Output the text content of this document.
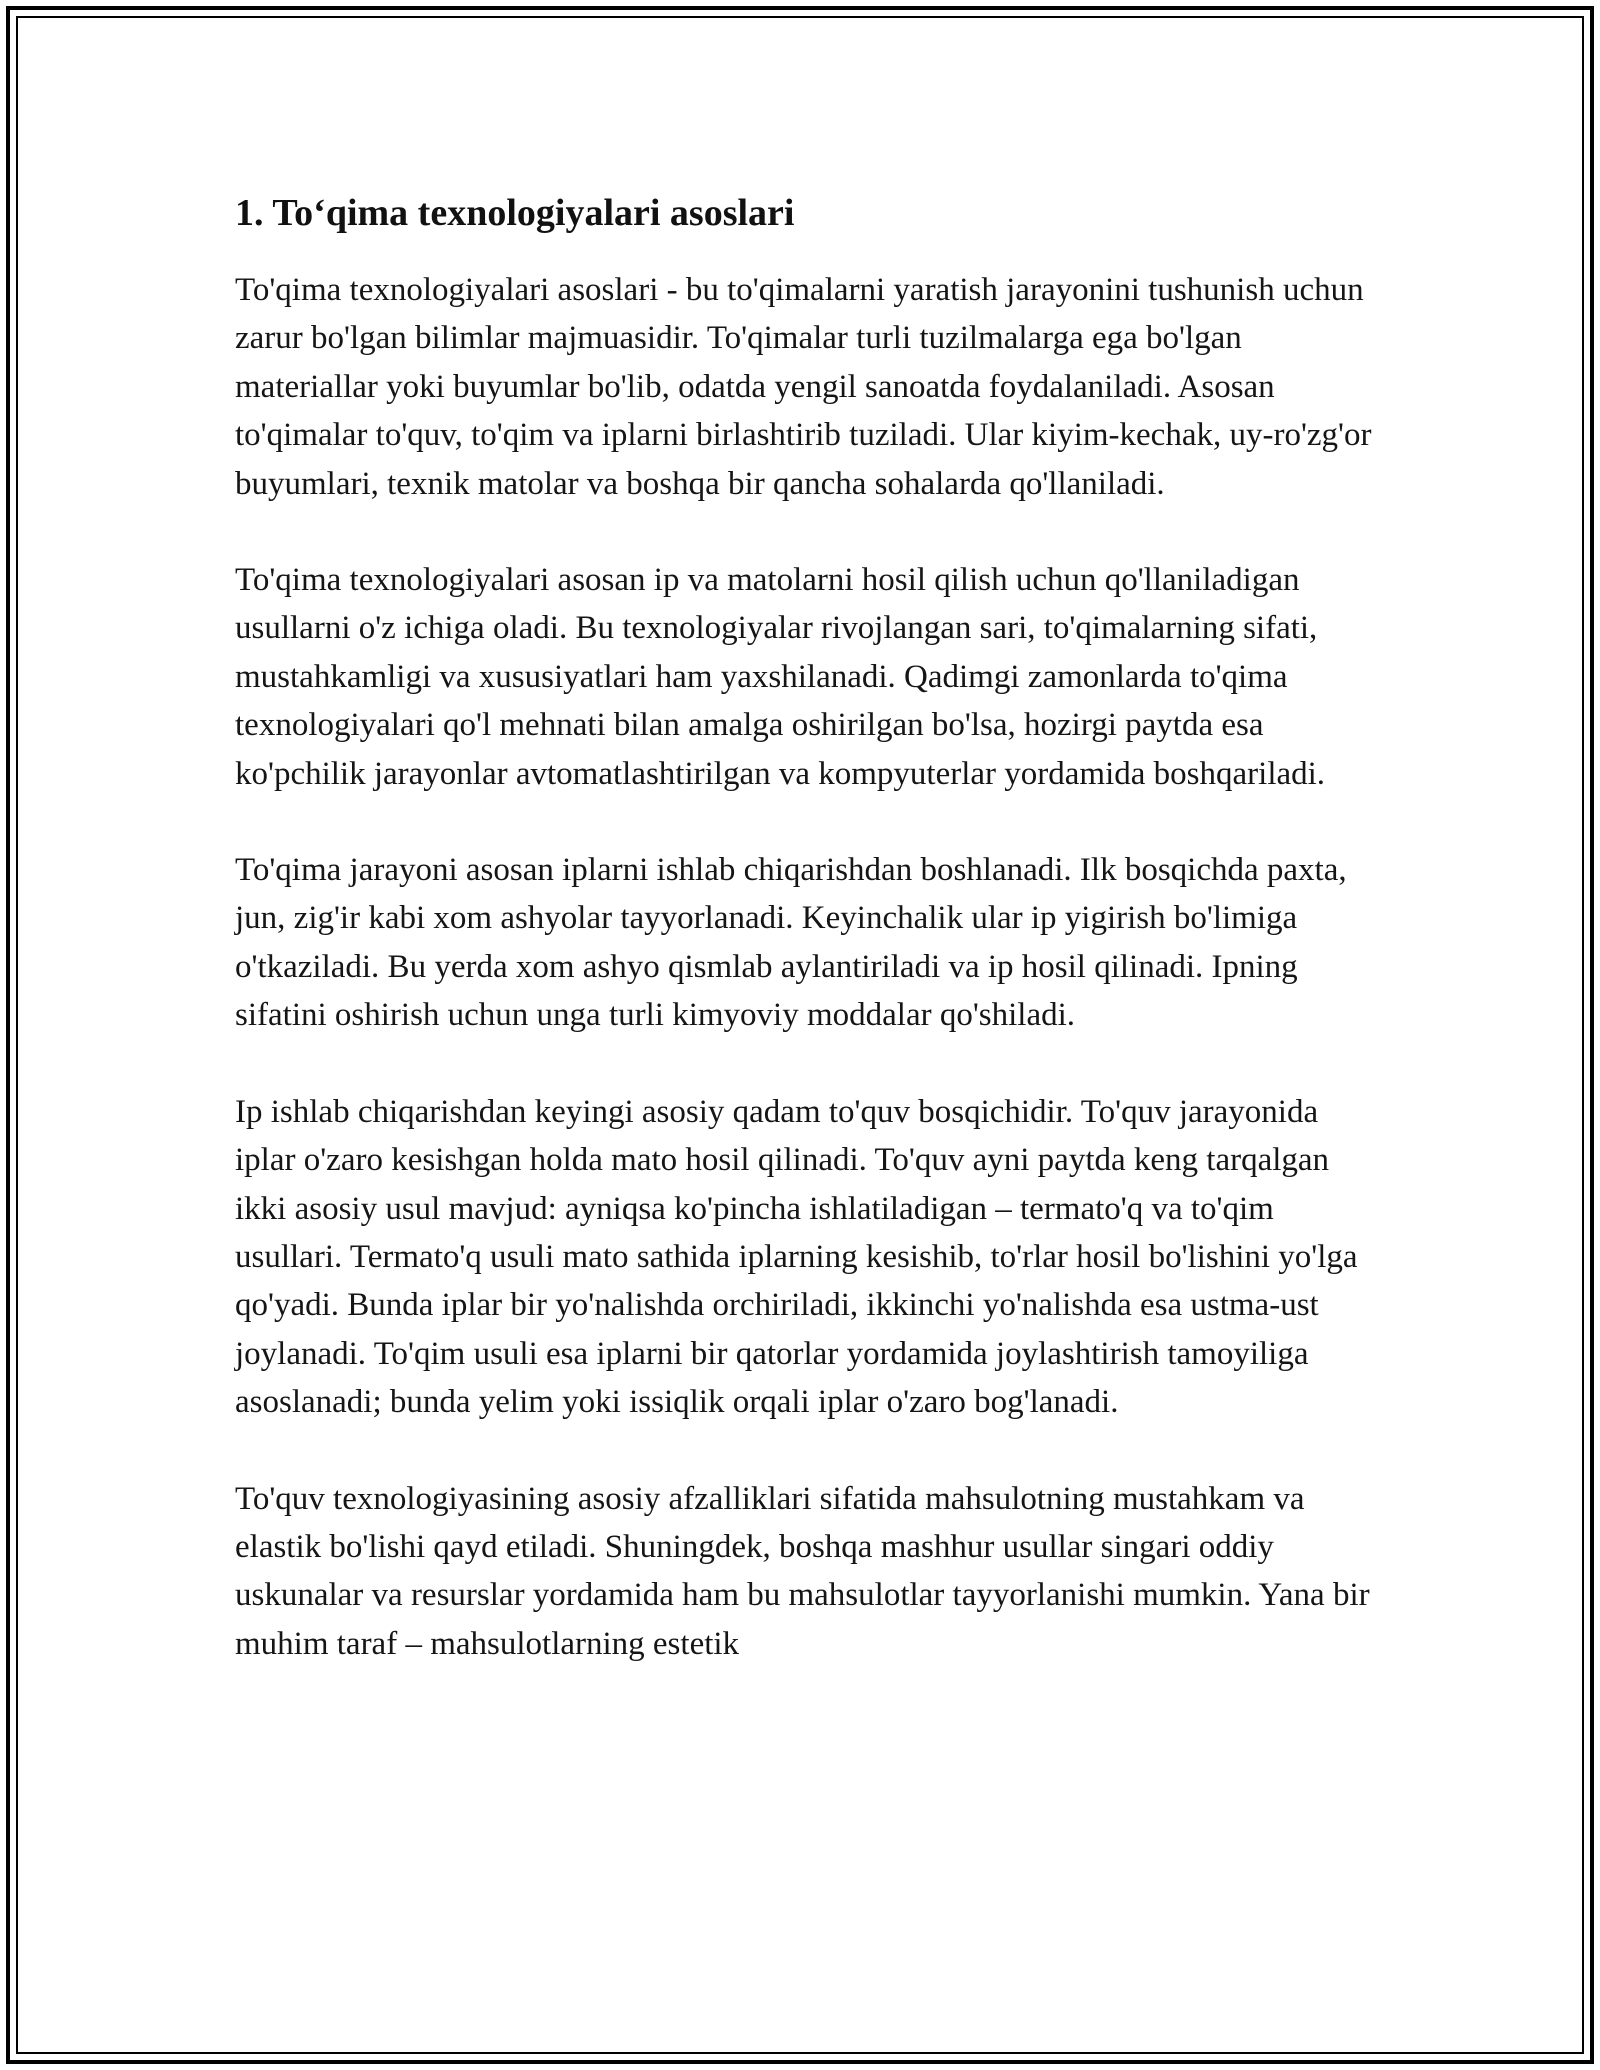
1. To‘qima texnologiyalari asoslari

To'qima texnologiyalari asoslari - bu to'qimalarni yaratish jarayonini tushunish uchun zarur bo'lgan bilimlar majmuasidir. To'qimalar turli tuzilmalarga ega bo'lgan materiallar yoki buyumlar bo'lib, odatda yengil sanoatda foydalaniladi. Asosan to'qimalar to'quv, to'qim va iplarni birlashtirib tuziladi. Ular kiyim-kechak, uy-ro'zg'or buyumlari, texnik matolar va boshqa bir qancha sohalarda qo'llaniladi.

To'qima texnologiyalari asosan ip va matolarni hosil qilish uchun qo'llaniladigan usullarni o'z ichiga oladi. Bu texnologiyalar rivojlangan sari, to'qimalarning sifati, mustahkamligi va xususiyatlari ham yaxshilanadi. Qadimgi zamonlarda to'qima texnologiyalari qo'l mehnati bilan amalga oshirilgan bo'lsa, hozirgi paytda esa ko'pchilik jarayonlar avtomatlashtirilgan va kompyuterlar yordamida boshqariladi.

To'qima jarayoni asosan iplarni ishlab chiqarishdan boshlanadi. Ilk bosqichda paxta, jun, zig'ir kabi xom ashyolar tayyorlanadi. Keyinchalik ular ip yigirish bo'limiga o'tkaziladi. Bu yerda xom ashyo qismlab aylantiriladi va ip hosil qilinadi. Ipning sifatini oshirish uchun unga turli kimyoviy moddalar qo'shiladi.

Ip ishlab chiqarishdan keyingi asosiy qadam to'quv bosqichidir. To'quv jarayonida iplar o'zaro kesishgan holda mato hosil qilinadi. To'quv ayni paytda keng tarqalgan ikki asosiy usul mavjud: ayniqsa ko'pincha ishlatiladigan – termato'q va to'qim usullari. Termato'q usuli mato sathida iplarning kesishib, to'rlar hosil bo'lishini yo'lga qo'yadi. Bunda iplar bir yo'nalishda orchiriladi, ikkinchi yo'nalishda esa ustma-ust joylanadi. To'qim usuli esa iplarni bir qatorlar yordamida joylashtirish tamoyiliga asoslanadi; bunda yelim yoki issiqlik orqali iplar o'zaro bog'lanadi.

To'quv texnologiyasining asosiy afzalliklari sifatida mahsulotning mustahkam va elastik bo'lishi qayd etiladi. Shuningdek, boshqa mashhur usullar singari oddiy uskunalar va resurslar yordamida ham bu mahsulotlar tayyorlanishi mumkin. Yana bir muhim taraf – mahsulotlarning estetik
